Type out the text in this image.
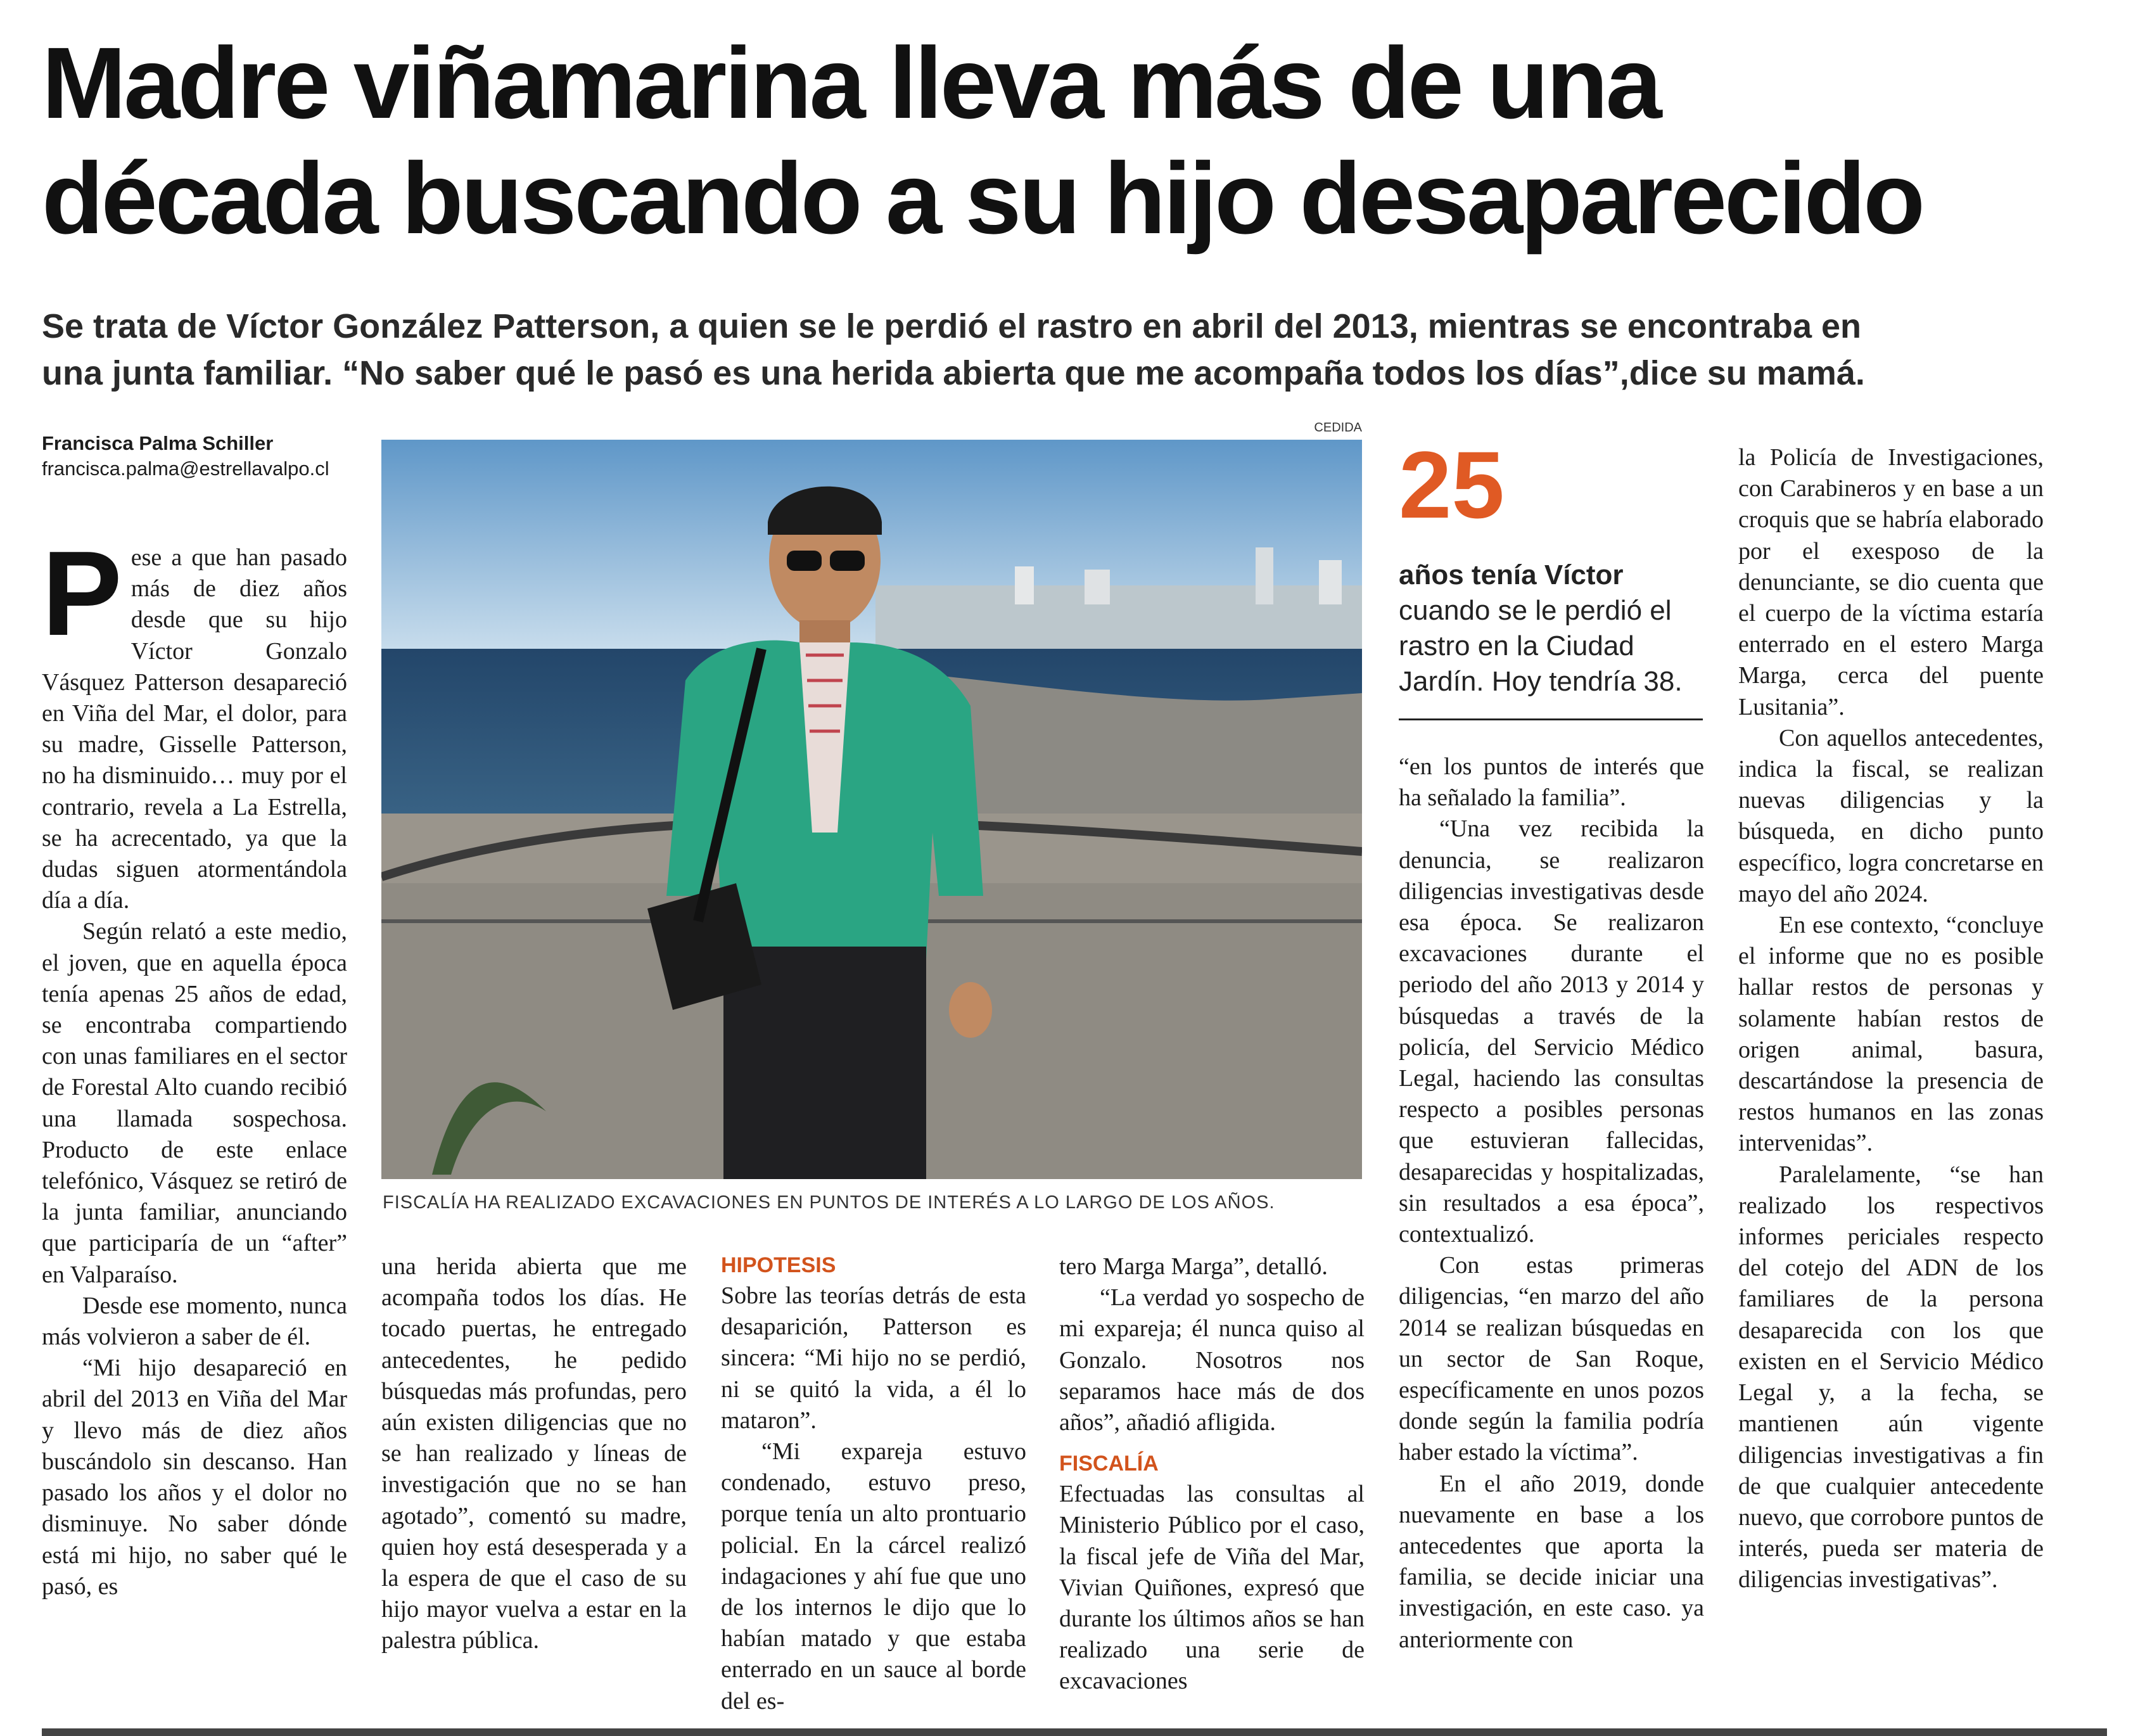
Madre viñamarina lleva más de una
década buscando a su hijo desaparecido
Se trata de Víctor González Patterson, a quien se le perdió el rastro en abril del 2013, mientras se encontraba en
una junta familiar. “No saber qué le pasó es una herida abierta que me acompaña todos los días”,dice su mamá.
Francisca Palma Schiller
francisca.palma@estrellavalpo.cl

Pese a que han pasado más de diez años desde que su hijo Víctor Gonzalo Vásquez Patterson desapareció en Viña del Mar, el dolor, para su madre, Gisselle Patterson, no ha disminuido… muy por el contrario, revela a La Estrella, se ha acrecentado, ya que la dudas siguen atormentándola día a día.

Según relató a este medio, el joven, que en aquella época tenía apenas 25 años de edad, se encontraba compartiendo con unas familiares en el sector de Forestal Alto cuando recibió una llamada sospechosa. Producto de este enlace telefónico, Vásquez se retiró de la junta familiar, anunciando que participaría de un “after” en Valparaíso.

Desde ese momento, nunca más volvieron a saber de él.

“Mi hijo desapareció en abril del 2013 en Viña del Mar y llevo más de diez años buscándolo sin descanso. Han pasado los años y el dolor no disminuye. No saber dónde está mi hijo, no saber qué le pasó, es

CEDIDA
FISCALÍA HA REALIZADO EXCAVACIONES EN PUNTOS DE INTERÉS A LO LARGO DE LOS AÑOS.

una herida abierta que me acompaña todos los días. He tocado puertas, he entregado antecedentes, he pedido búsquedas más profundas, pero aún existen diligencias que no se han realizado y líneas de investigación que no se han agotado”, comentó su madre, quien hoy está desesperada y a la espera de que el caso de su hijo mayor vuelva a estar en la palestra pública.

HIPOTESIS

Sobre las teorías detrás de esta desaparición, Patterson es sincera: “Mi hijo no se perdió, ni se quitó la vida, a él lo mataron”.

“Mi expareja estuvo condenado, estuvo preso, porque tenía un alto prontuario policial. En la cárcel realizó indagaciones y ahí fue que uno de los internos le dijo que lo habían matado y que estaba enterrado en un sauce al borde del es-

tero Marga Marga”, detalló.

“La verdad yo sospecho de mi expareja; él nunca quiso al Gonzalo. Nosotros nos separamos hace más de dos años”, añadió afligida.

FISCALÍA

Efectuadas las consultas al Ministerio Público por el caso, la fiscal jefe de Viña del Mar, Vivian Quiñones, expresó que durante los últimos años se han realizado una serie de excavaciones

25
años tenía Víctor cuando se le perdió el rastro en la Ciudad Jardín. Hoy tendría 38.

“en los puntos de interés que ha señalado la familia”.

“Una vez recibida la denuncia, se realizaron diligencias investigativas desde esa época. Se realizaron excavaciones durante el periodo del año 2013 y 2014 y búsquedas a través de la policía, del Servicio Médico Legal, haciendo las consultas respecto a posibles personas que estuvieran fallecidas, desaparecidas y hospitalizadas, sin resultados a esa época”, contextualizó.

Con estas primeras diligencias, “en marzo del año 2014 se realizan búsquedas en un sector de San Roque, específicamente en unos pozos donde según la familia podría haber estado la víctima”.

En el año 2019, donde nuevamente en base a los antecedentes que aporta la familia, se decide iniciar una investigación, en este caso. ya anteriormente con

la Policía de Investigaciones, con Carabineros y en base a un croquis que se habría elaborado por el exesposo de la denunciante, se dio cuenta que el cuerpo de la víctima estaría enterrado en el estero Marga Marga, cerca del puente Lusitania”.

Con aquellos antecedentes, indica la fiscal, se realizan nuevas diligencias y la búsqueda, en dicho punto específico, logra concretarse en mayo del año 2024.

En ese contexto, “concluye el informe que no es posible hallar restos de personas y solamente habían restos de origen animal, basura, descartándose la presencia de restos humanos en las zonas intervenidas”.

Paralelamente, “se han realizado los respectivos informes periciales respecto del cotejo del ADN de los familiares de la persona desaparecida con los que existen en el Servicio Médico Legal y, a la fecha, se mantienen aún vigente diligencias investigativas a fin de que cualquier antecedente nuevo, que corrobore puntos de interés, pueda ser materia de diligencias investigativas”.
